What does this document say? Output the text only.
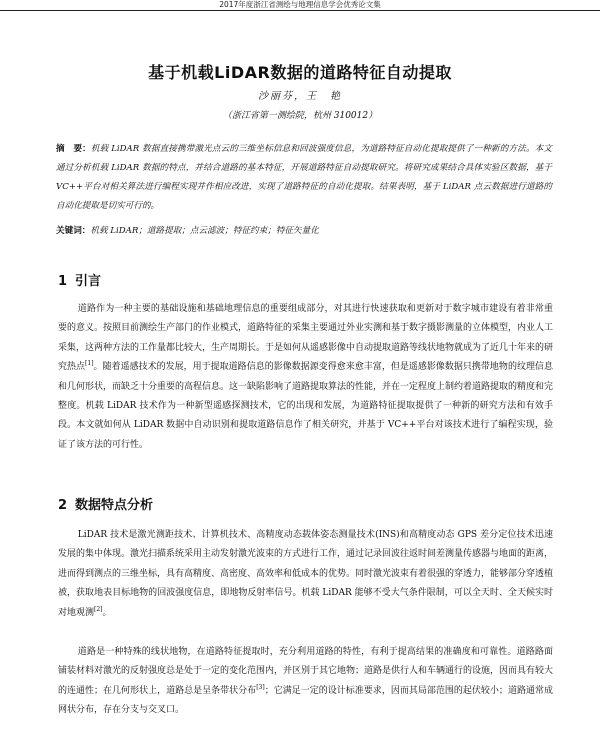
2017年度浙江省测绘与地理信息学会优秀论文集
基于机载LiDAR数据的道路特征自动提取
沙丽芬，王　艳
（浙江省第一测绘院，杭州 310012）
摘　要：机载 LiDAR 数据直接携带激光点云的三维坐标信息和回波强度信息，为道路特征自动化提取提供了一种新的方法。本文通过分析机载 LiDAR 数据的特点，并结合道路的基本特征，开展道路特征自动提取研究。将研究成果结合具体实验区数据，基于 VC++平台对相关算法进行编程实现并作相应改进，实现了道路特征的自动化提取。结果表明，基于 LiDAR 点云数据进行道路的自动化提取是切实可行的。
关键词：机载 LiDAR；道路提取；点云滤波；特征约束；特征矢量化
1 引言

道路作为一种主要的基础设施和基础地理信息的重要组成部分，对其进行快速获取和更新对于数字城市建设有着非常重要的意义。按照目前测绘生产部门的作业模式，道路特征的采集主要通过外业实测和基于数字摄影测量的立体模型，内业人工采集，这两种方法的工作量都比较大，生产周期长。于是如何从遥感影像中自动提取道路等线状地物就成为了近几十年来的研究热点[1]。随着遥感技术的发展，用于提取道路信息的影像数据源变得愈来愈丰富，但是遥感影像数据只携带地物的纹理信息和几何形状，而缺乏十分重要的高程信息。这一缺陷影响了道路提取算法的性能，并在一定程度上制约着道路提取的精度和完整度。机载 LiDAR 技术作为一种新型遥感探测技术，它的出现和发展，为道路特征提取提供了一种新的研究方法和有效手段。本文就如何从 LiDAR 数据中自动识别和提取道路信息作了相关研究，并基于 VC++平台对该技术进行了编程实现，验证了该方法的可行性。

2 数据特点分析

LiDAR 技术是激光测距技术、计算机技术、高精度动态载体姿态测量技术(INS)和高精度动态 GPS 差分定位技术迅速发展的集中体现。激光扫描系统采用主动发射激光波束的方式进行工作，通过记录回波往返时间差测量传感器与地面的距离，进而得到测点的三维坐标，具有高精度、高密度、高效率和低成本的优势。同时激光波束有着很强的穿透力，能够部分穿透植被，获取地表目标地物的回波强度信息，即地物反射率信号。机载 LiDAR 能够不受大气条件限制，可以全天时、全天候实时对地观测[2]。

道路是一种特殊的线状地物，在道路特征提取时，充分利用道路的特性，有利于提高结果的准确度和可靠性。道路路面铺装材料对激光的反射强度总是处于一定的变化范围内，并区别于其它地物；道路是供行人和车辆通行的设施，因而具有较大的连通性；在几何形状上，道路总是呈条带状分布[3]；它满足一定的设计标准要求，因而其局部范围的起伏较小；道路通常成网状分布，存在分支与交叉口。
